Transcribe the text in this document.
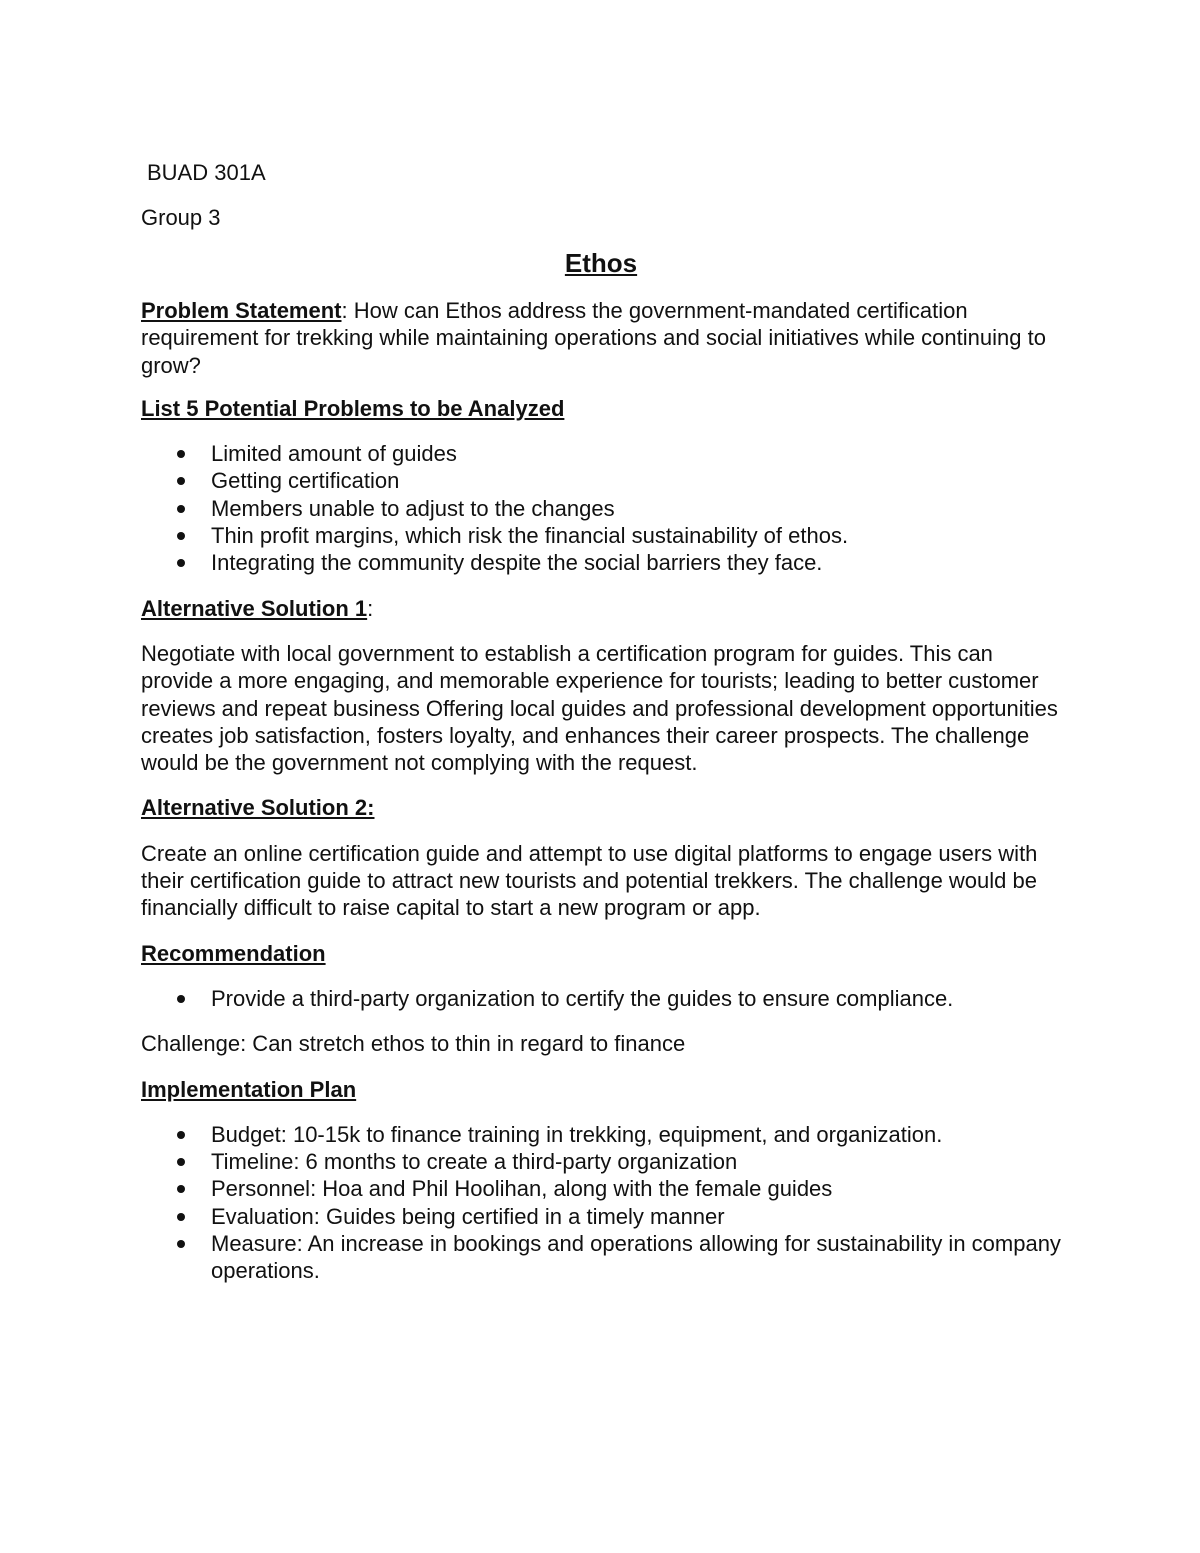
BUAD 301A

Group 3

Ethos

Problem Statement: How can Ethos address the government-mandated certification requirement for trekking while maintaining operations and social initiatives while continuing to grow?

List 5 Potential Problems to be Analyzed

Limited amount of guides
Getting certification
Members unable to adjust to the changes
Thin profit margins, which risk the financial sustainability of ethos.
Integrating the community despite the social barriers they face.

Alternative Solution 1:

Negotiate with local government to establish a certification program for guides. This can provide a more engaging, and memorable experience for tourists; leading to better customer reviews and repeat business Offering local guides and professional development opportunities creates job satisfaction, fosters loyalty, and enhances their career prospects. The challenge would be the government not complying with the request.

Alternative Solution 2:

Create an online certification guide and attempt to use digital platforms to engage users with their certification guide to attract new tourists and potential trekkers. The challenge would be financially difficult to raise capital to start a new program or app.

Recommendation

Provide a third-party organization to certify the guides to ensure compliance.

Challenge: Can stretch ethos to thin in regard to finance

Implementation Plan

Budget: 10-15k to finance training in trekking, equipment, and organization.
Timeline: 6 months to create a third-party organization
Personnel: Hoa and Phil Hoolihan, along with the female guides
Evaluation: Guides being certified in a timely manner
Measure: An increase in bookings and operations allowing for sustainability in company operations.
